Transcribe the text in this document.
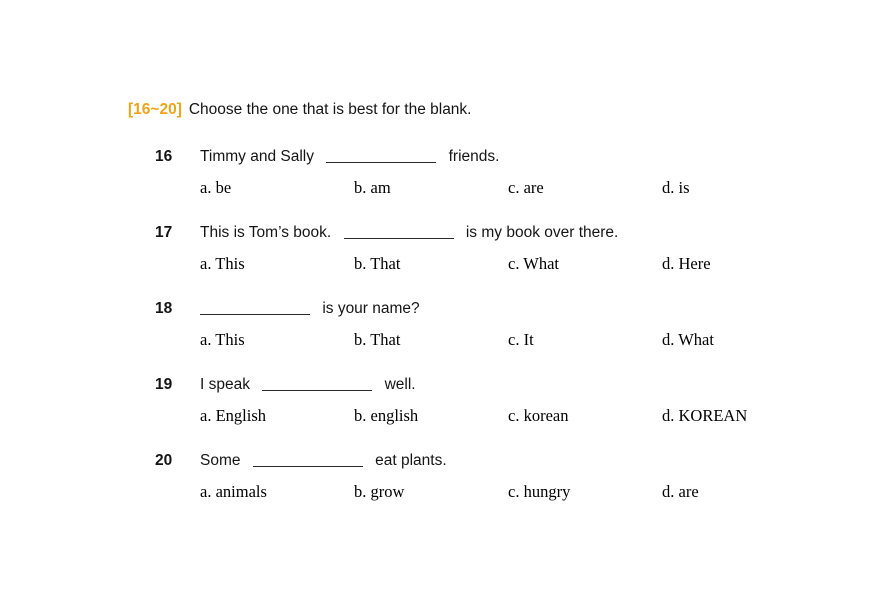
[16~20] Choose the one that is best for the blank.
16	Timmy and Sally	friends.
a. be	b. am	c. are	d. is
17	This is Tom’s book.	is my book over there.
a. This	b. That	c. What	d. Here
18	is your name?
a. This	b. That	c. It	d. What
19	I speak	well.
a. English	b. english	c. korean	d. KOREAN
20	Some	eat plants.
a. animals	b. grow	c. hungry	d. are
